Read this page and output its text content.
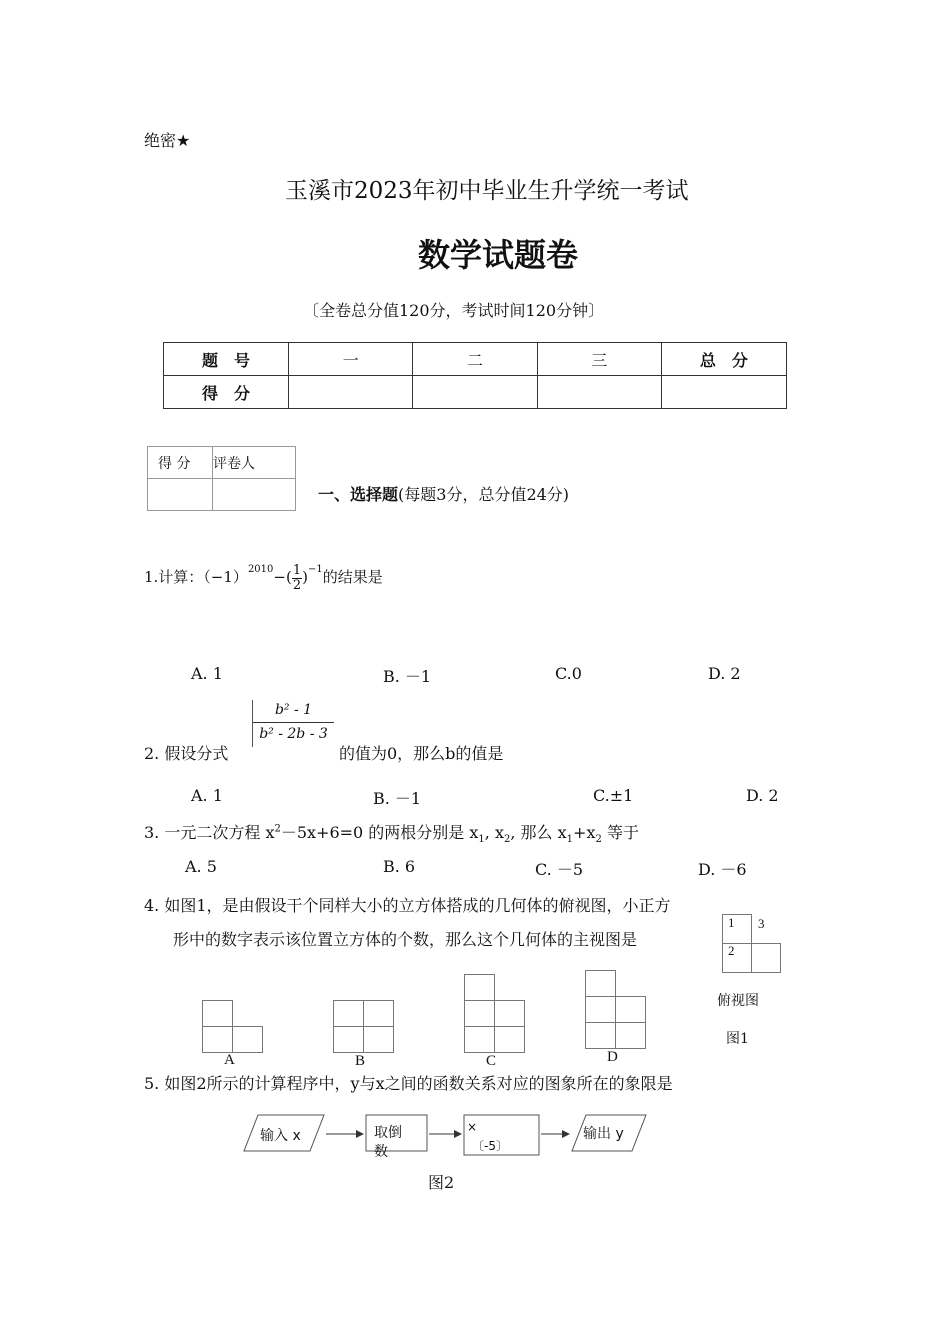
绝密★
玉溪市2023年初中毕业生升学统一考试
数学试题卷
〔全卷总分值120分，考试时间120分钟〕
题　号	一	二	三	总　分
得　分				
得 分	评卷人

一、选择题(每题3分，总分值24分)
1.计算：$(-1)^{2010}-( \frac{1}{2} )^{-1}$的结果是
A. 1	B. －1	C.0	D. 2
2. 假设分式
$\frac{\text{b² - 1}}{\text{b² - 2b - 3}}$
的值为0，那么b的值是
A. 1	B. －1	C.±1	D. 2
3. 一元二次方程 $x^2-5x+6=0$ 的两根分别是 $x_1$, $x_2$, 那么 $x_1+x_2$ 等于
A. 5	B. 6	C. －5	D. －6
4. 如图1，是由假设干个同样大小的立方体搭成的几何体的俯视图，小正方
形中的数字表示该位置立方体的个数，那么这个几何体的主视图是
1 3
2
俯视图
图1
A	B	C	D
5. 如图2所示的计算程序中，y与x之间的函数关系对应的图象所在的象限是
输入 x	取倒
数
×
〔-5〕
输出 y
图2
